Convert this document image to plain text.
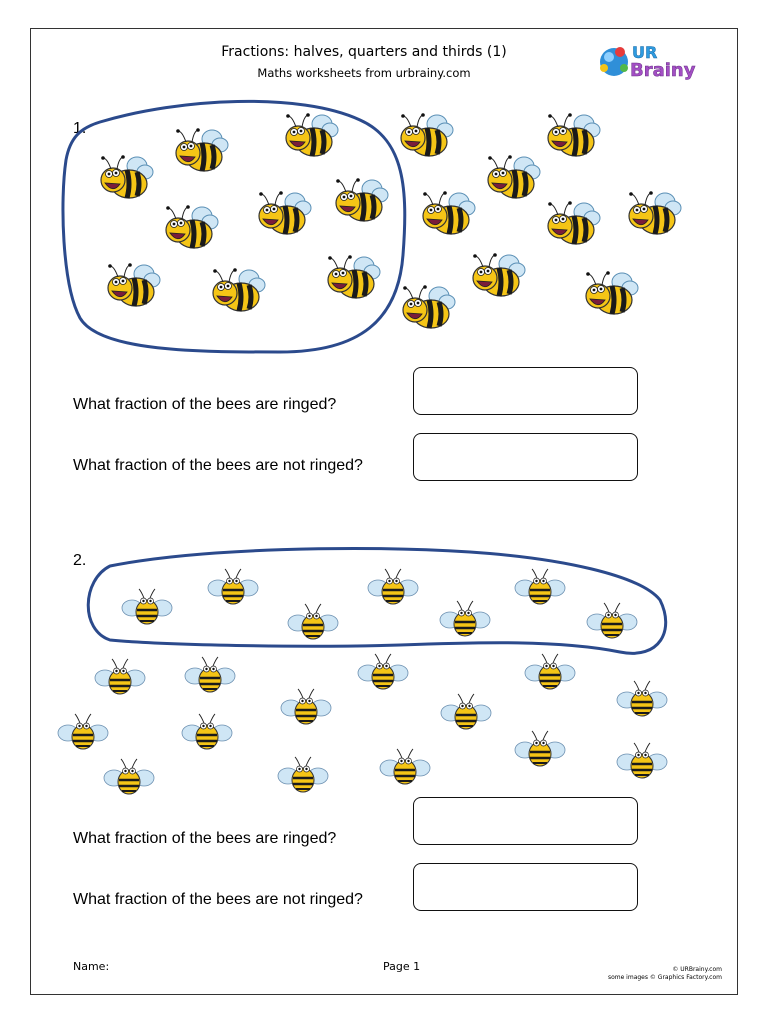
Fractions: halves, quarters and thirds (1)
Maths worksheets from urbrainy.com
UR
Brainy
1.
What fraction of the bees are ringed?
What fraction of the bees are not ringed?
2.
What fraction of the bees are ringed?
What fraction of the bees are not ringed?
Name:	Page 1	© URBrainy.com
some images © Graphics Factory.com
